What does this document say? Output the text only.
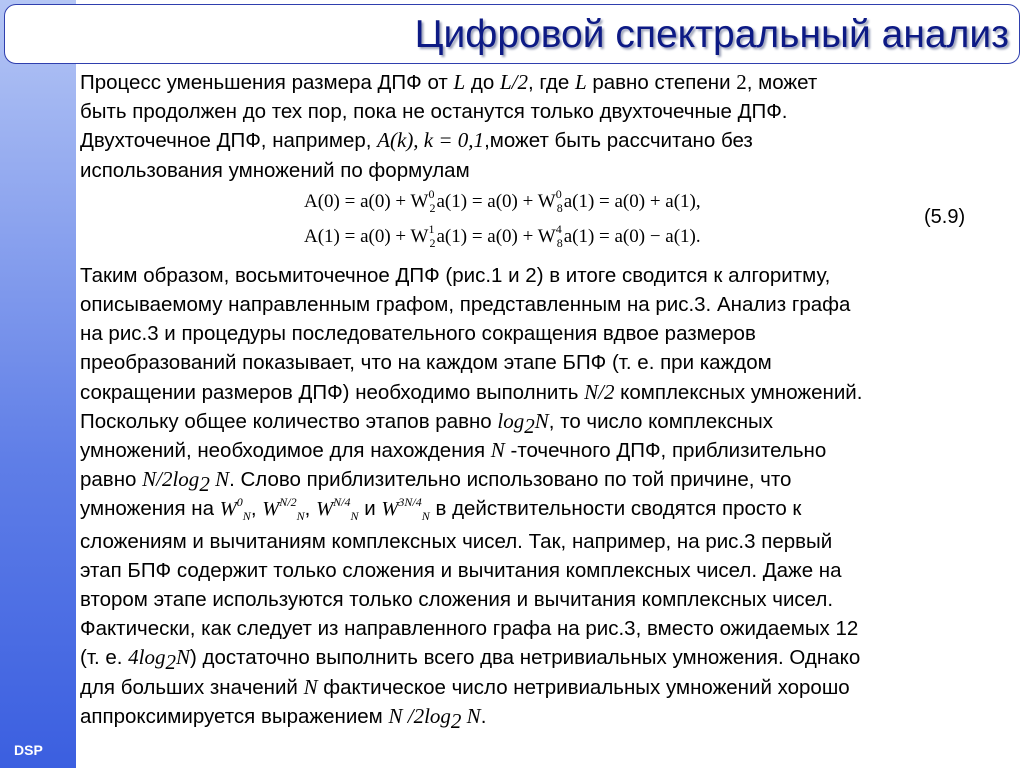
DSP
Цифровой спектральный анализ

Процесс уменьшения размера ДПФ от L до L/2, где L равно степени 2, может
быть продолжен до тех пор, пока не останутся только двухточечные ДПФ.
Двухточечное ДПФ, например, A(k), k = 0,1,может быть рассчитано без
использования умножений по формулам

$A(0) = a(0) + W^0_2a(1) = a(0) + W^0_8a(1) = a(0) + a(1)$,
$A(1) = a(0) + W^1_2a(1) = a(0) + W^4_8a(1) = a(0) - a(1)$.
(5.9)

Таким образом, восьмиточечное ДПФ (рис.1 и 2) в итоге сводится к алгоритму,
описываемому направленным графом, представленным на рис.3. Анализ графа
на рис.3 и процедуры последовательного сокращения вдвое размеров
преобразований показывает, что на каждом этапе БПФ (т. е. при каждом
сокращении размеров ДПФ) необходимо выполнить N/2 комплексных умножений.
Поскольку общее количество этапов равно $\log_2N$, то число комплексных
умножений, необходимое для нахождения N -точечного ДПФ, приблизительно
равно $N/2\log_2$ N. Слово приблизительно использовано по той причине, что
умножения на $W^0_N$, $W^{N/2}_N$, $W^{N/4}_N$ и $W^{3N/4}_N$ в действительности сводятся просто к
сложениям и вычитаниям комплексных чисел. Так, например, на рис.3 первый
этап БПФ содержит только сложения и вычитания комплексных чисел. Даже на
втором этапе используются только сложения и вычитания комплексных чисел.
Фактически, как следует из направленного графа на рис.3, вместо ожидаемых 12
(т. е. $4\log_2N$) достаточно выполнить всего два нетривиальных умножения. Однако
для больших значений N фактическое число нетривиальных умножений хорошо
аппроксимируется выражением N $/2\log_2$ N.
